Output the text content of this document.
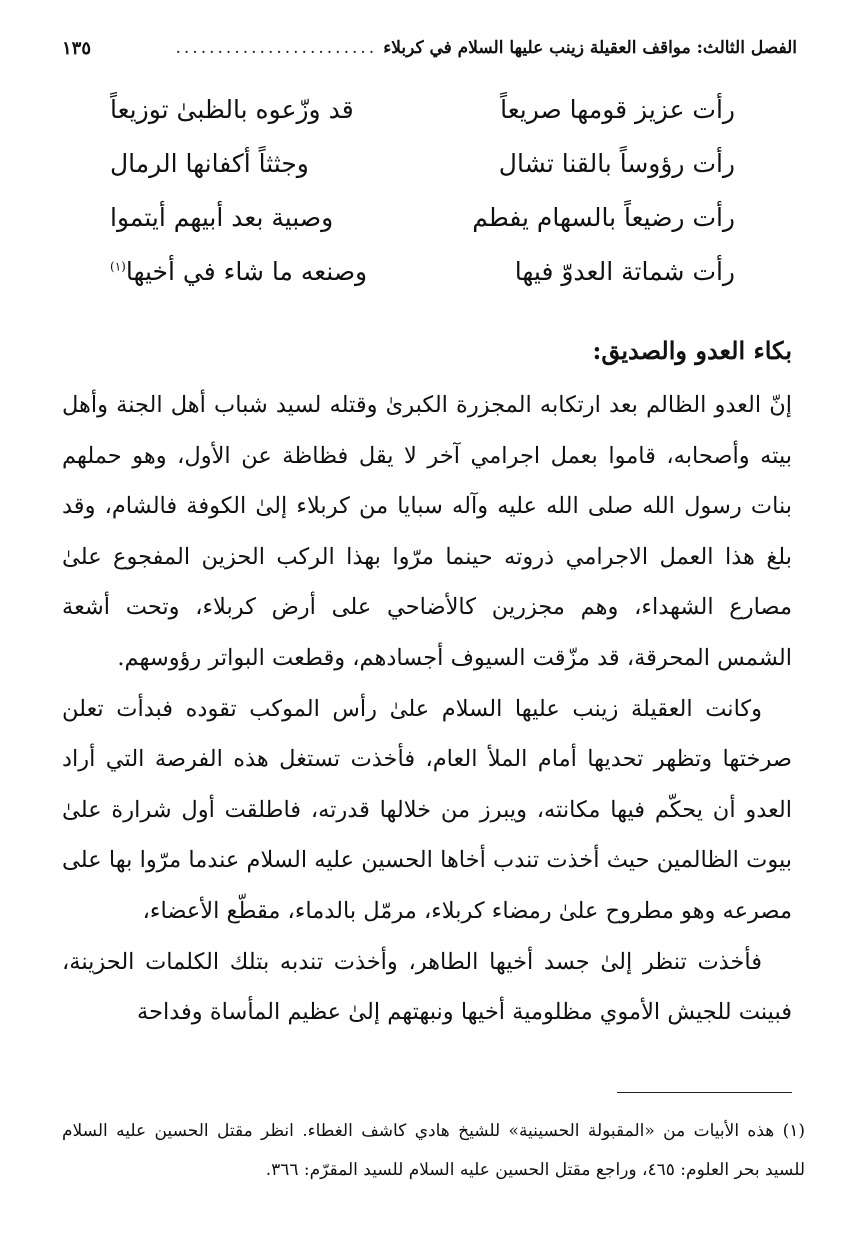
الفصل الثالث: مواقف العقيلة زينب عليها السلام في كربلاء
........................
١٣٥
رأت عزيز قومها صريعاً
قد وزّعوه بالظبىٰ توزيعاً
رأت رؤوساً بالقنا تشال
وجثثاً أكفانها الرمال
رأت رضيعاً بالسهام يفطم
وصبية بعد أبيهم أيتموا
رأت شماتة العدوّ فيها
وصنعه ما شاء في أخيها$^{(١)}$
بكاء العدو والصديق:

إنّ العدو الظالم بعد ارتكابه المجزرة الكبرىٰ وقتله لسيد شباب أهل الجنة وأهل بيته وأصحابه، قاموا بعمل اجرامي آخر لا يقل فظاظة عن الأول، وهو حملهم بنات رسول الله صلى الله عليه وآله سبايا من كربلاء إلىٰ الكوفة فالشام، وقد بلغ هذا العمل الاجرامي ذروته حينما مرّوا بهذا الركب الحزين المفجوع علىٰ مصارع الشهداء، وهم مجزرين كالأضاحي على أرض كربلاء، وتحت أشعة الشمس المحرقة، قد مزّقت السيوف أجسادهم، وقطعت البواتر رؤوسهم.

وكانت العقيلة زينب عليها السلام علىٰ رأس الموكب تقوده فبدأت تعلن صرختها وتظهر تحديها أمام الملأ العام، فأخذت تستغل هذه الفرصة التي أراد العدو أن يحكّم فيها مكانته، ويبرز من خلالها قدرته، فاطلقت أول شرارة علىٰ بيوت الظالمين حيث أخذت تندب أخاها الحسين عليه السلام عندما مرّوا بها على مصرعه وهو مطروح علىٰ رمضاء كربلاء، مرمّل بالدماء، مقطّع الأعضاء،

فأخذت تنظر إلىٰ جسد أخيها الطاهر، وأخذت تندبه بتلك الكلمات الحزينة، فبينت للجيش الأموي مظلومية أخيها ونبهتهم إلىٰ عظيم المأساة وفداحة

(١) هذه الأبيات من «المقبولة الحسينية» للشيخ هادي كاشف الغطاء. انظر مقتل الحسين عليه السلام للسيد بحر العلوم: ٤٦٥، وراجع مقتل الحسين عليه السلام للسيد المقرّم: ٣٦٦.
